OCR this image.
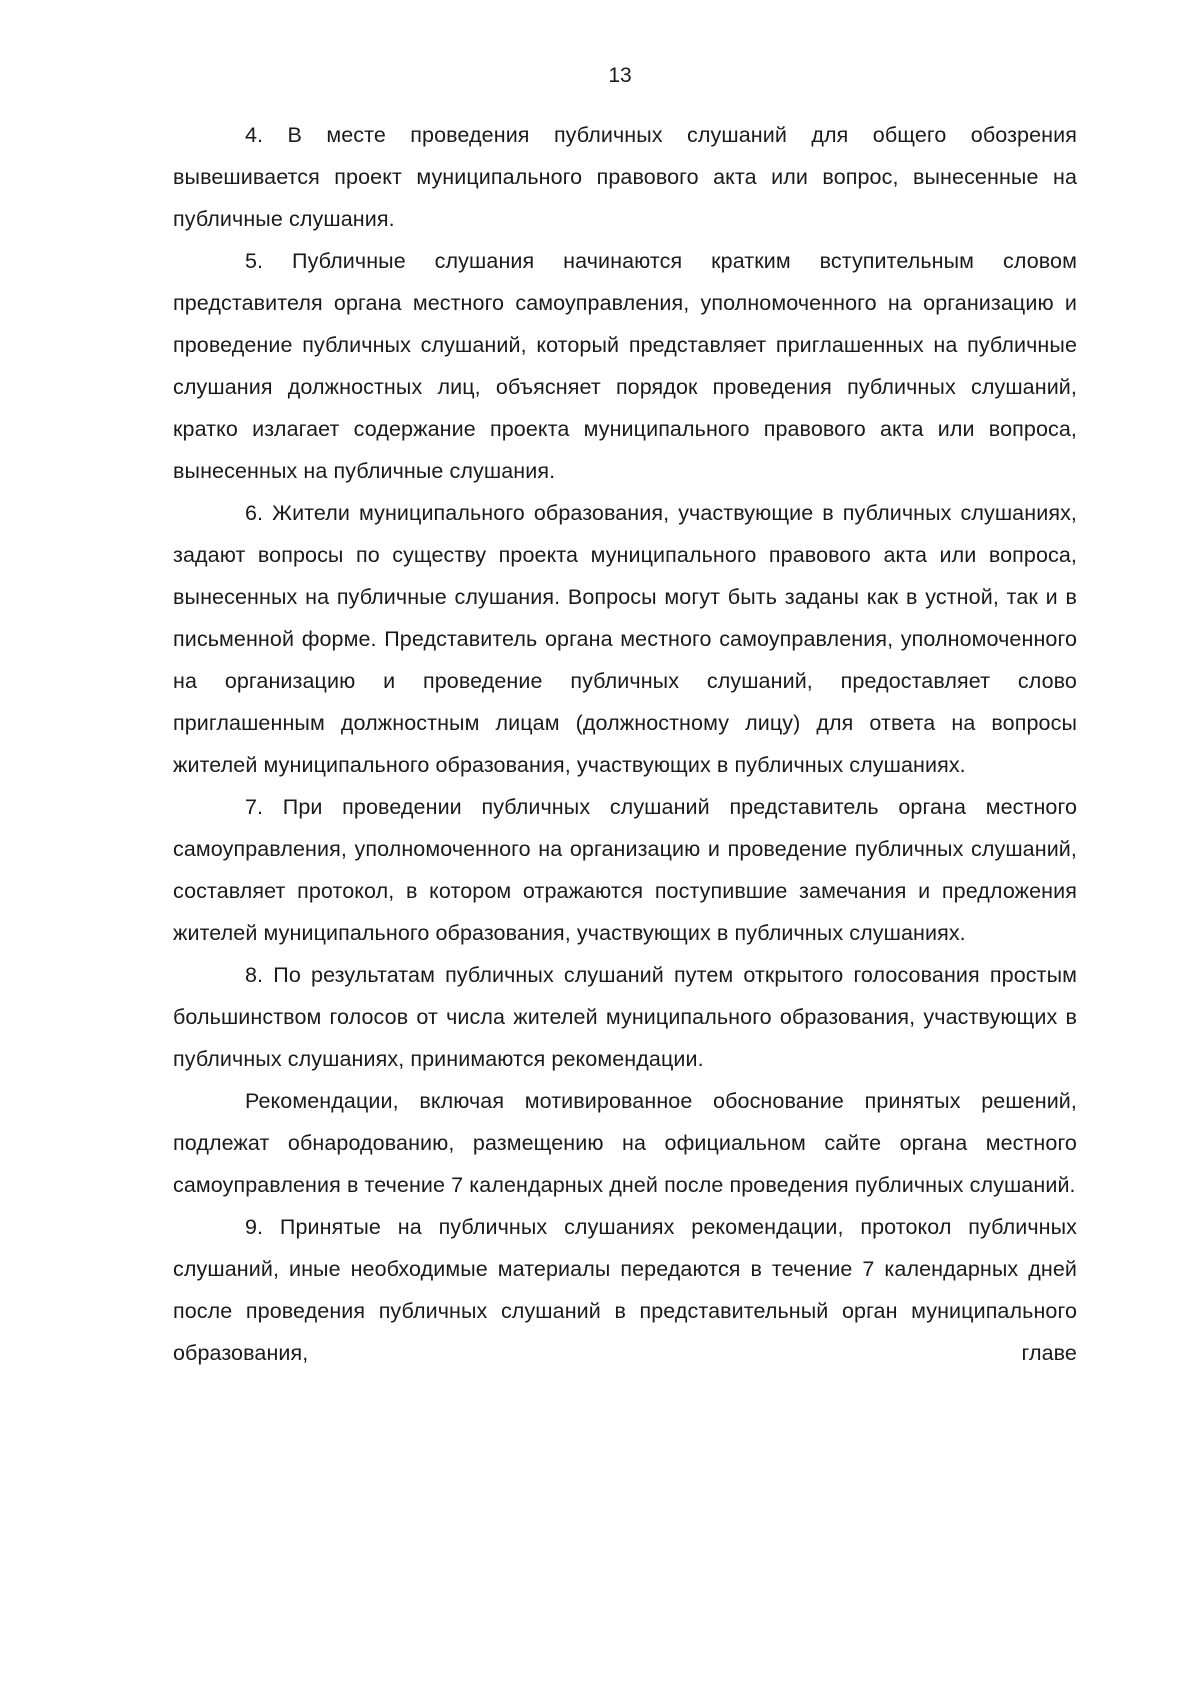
13

4. В месте проведения публичных слушаний для общего обозрения вывешивается проект муниципального правового акта или вопрос, вынесенные на публичные слушания.

5. Публичные слушания начинаются кратким вступительным словом представителя органа местного самоуправления, уполномоченного на организацию и проведение публичных слушаний, который представляет приглашенных на публичные слушания должностных лиц, объясняет порядок проведения публичных слушаний, кратко излагает содержание проекта муниципального правового акта или вопроса, вынесенных на публичные слушания.

6. Жители муниципального образования, участвующие в публичных слушаниях, задают вопросы по существу проекта муниципального правового акта или вопроса, вынесенных на публичные слушания. Вопросы могут быть заданы как в устной, так и в письменной форме. Представитель органа местного самоуправления, уполномоченного на организацию и проведение публичных слушаний, предоставляет слово приглашенным должностным лицам (должностному лицу) для ответа на вопросы жителей муниципального образования, участвующих в публичных слушаниях.

7. При проведении публичных слушаний представитель органа местного самоуправления, уполномоченного на организацию и проведение публичных слушаний, составляет протокол, в котором отражаются поступившие замечания и предложения жителей муниципального образования, участвующих в публичных слушаниях.

8. По результатам публичных слушаний путем открытого голосования простым большинством голосов от числа жителей муниципального образования, участвующих в публичных слушаниях, принимаются рекомендации.

Рекомендации, включая мотивированное обоснование принятых решений, подлежат обнародованию, размещению на официальном сайте органа местного самоуправления в течение 7 календарных дней после проведения публичных слушаний.

9. Принятые на публичных слушаниях рекомендации, протокол публичных слушаний, иные необходимые материалы передаются в течение 7 календарных дней после проведения публичных слушаний в представительный орган муниципального образования, главе
